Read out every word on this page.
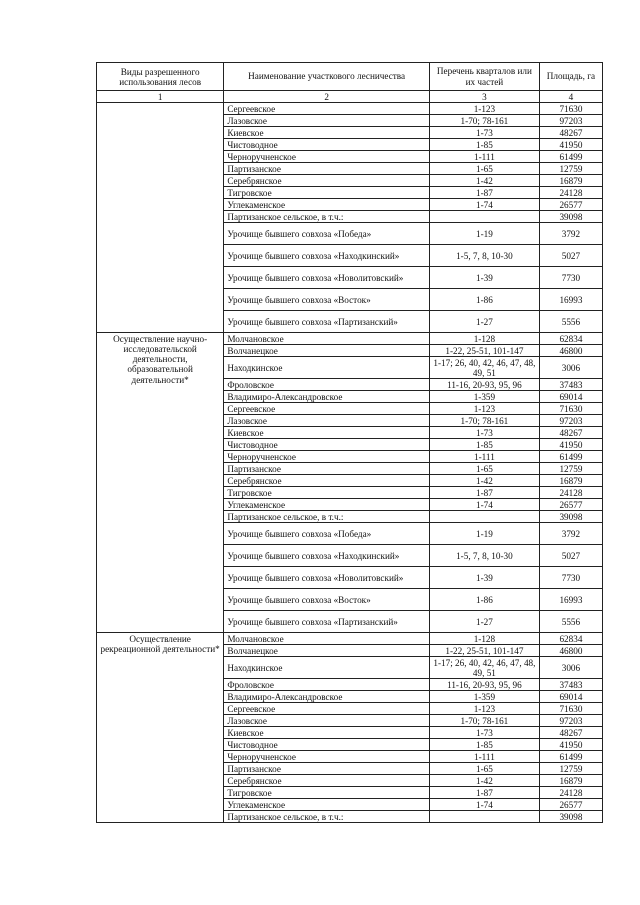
Виды разрешенного использования лесов	Наименование участкового лесничества	Перечень кварталов или их частей	Площадь, га
1	2	3	4
	Сергеевское	1-123	71630
	Лазовское	1-70; 78-161	97203
	Киевское	1-73	48267
	Чистоводное	1-85	41950
	Черноручненское	1-111	61499
	Партизанское	1-65	12759
	Серебрянское	1-42	16879
	Тигровское	1-87	24128
	Углекаменское	1-74	26577
	Партизанское сельское, в т.ч.:		39098
	Урочище бывшего совхоза «Победа»	1-19	3792
	Урочище бывшего совхоза «Находкинский»	1-5, 7, 8, 10-30	5027
	Урочище бывшего совхоза «Новолитовский»	1-39	7730
	Урочище бывшего совхоза «Восток»	1-86	16993
	Урочище бывшего совхоза «Партизанский»	1-27	5556
Осуществление научно-исследовательской деятельности, образовательной деятельности*	Молчановское	1-128	62834
	Волчанецкое	1-22, 25-51, 101-147	46800
	Находкинское	1-17; 26, 40, 42, 46, 47, 48, 49, 51	3006
	Фроловское	11-16, 20-93, 95, 96	37483
	Владимиро-Александровское	1-359	69014
	Сергеевское	1-123	71630
	Лазовское	1-70; 78-161	97203
	Киевское	1-73	48267
	Чистоводное	1-85	41950
	Черноручненское	1-111	61499
	Партизанское	1-65	12759
	Серебрянское	1-42	16879
	Тигровское	1-87	24128
	Углекаменское	1-74	26577
	Партизанское сельское, в т.ч.:		39098
	Урочище бывшего совхоза «Победа»	1-19	3792
	Урочище бывшего совхоза «Находкинский»	1-5, 7, 8, 10-30	5027
	Урочище бывшего совхоза «Новолитовский»	1-39	7730
	Урочище бывшего совхоза «Восток»	1-86	16993
	Урочище бывшего совхоза «Партизанский»	1-27	5556
Осуществление рекреационной деятельности*	Молчановское	1-128	62834
	Волчанецкое	1-22, 25-51, 101-147	46800
	Находкинское	1-17; 26, 40, 42, 46, 47, 48, 49, 51	3006
	Фроловское	11-16, 20-93, 95, 96	37483
	Владимиро-Александровское	1-359	69014
	Сергеевское	1-123	71630
	Лазовское	1-70; 78-161	97203
	Киевское	1-73	48267
	Чистоводное	1-85	41950
	Черноручненское	1-111	61499
	Партизанское	1-65	12759
	Серебрянское	1-42	16879
	Тигровское	1-87	24128
	Углекаменское	1-74	26577
	Партизанское сельское, в т.ч.:		39098
